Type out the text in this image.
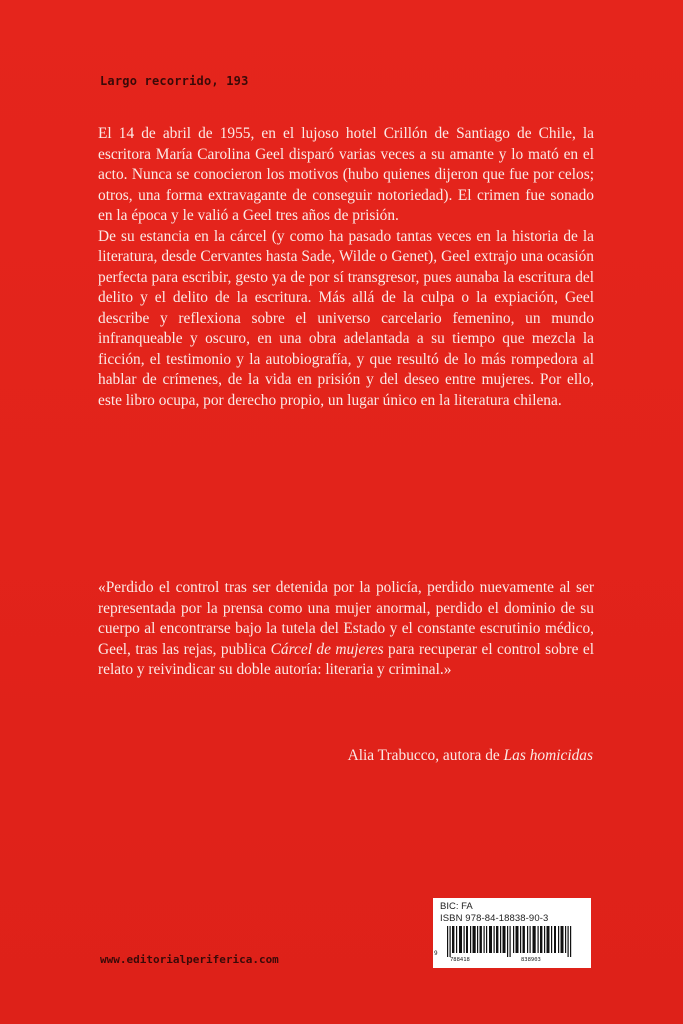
Largo recorrido, 193

El 14 de abril de 1955, en el lujoso hotel Crillón de Santiago de Chile, la escritora María Carolina Geel disparó varias veces a su amante y lo mató en el acto. Nunca se conocieron los motivos (hubo quienes dijeron que fue por celos; otros, una forma extravagante de conseguir notoriedad). El crimen fue sonado en la época y le valió a Geel tres años de prisión.

De su estancia en la cárcel (y como ha pasado tantas veces en la historia de la literatura, desde Cervantes hasta Sade, Wilde o Genet), Geel extrajo una ocasión perfecta para escribir, gesto ya de por sí transgresor, pues aunaba la escritura del delito y el delito de la escritura. Más allá de la culpa o la expiación, Geel describe y reflexiona sobre el universo carcelario femenino, un mundo infranqueable y oscuro, en una obra adelantada a su tiempo que mezcla la ficción, el testimonio y la autobiografía, y que resultó de lo más rompedora al hablar de crímenes, de la vida en prisión y del deseo entre mujeres. Por ello, este libro ocupa, por derecho propio, un lugar único en la literatura chilena.

«Perdido el control tras ser detenida por la policía, perdido nuevamente al ser representada por la prensa como una mujer anormal, perdido el dominio de su cuerpo al encontrarse bajo la tutela del Estado y el constante escrutinio médico, Geel, tras las rejas, publica Cárcel de mujeres para recuperar el control sobre el relato y reivindicar su doble autoría: literaria y criminal.»

Alia Trabucco, autora de Las homicidas
BIC: FA
ISBN 978-84-18838-90-3
9
788418	838903
www.editorialperiferica.com
